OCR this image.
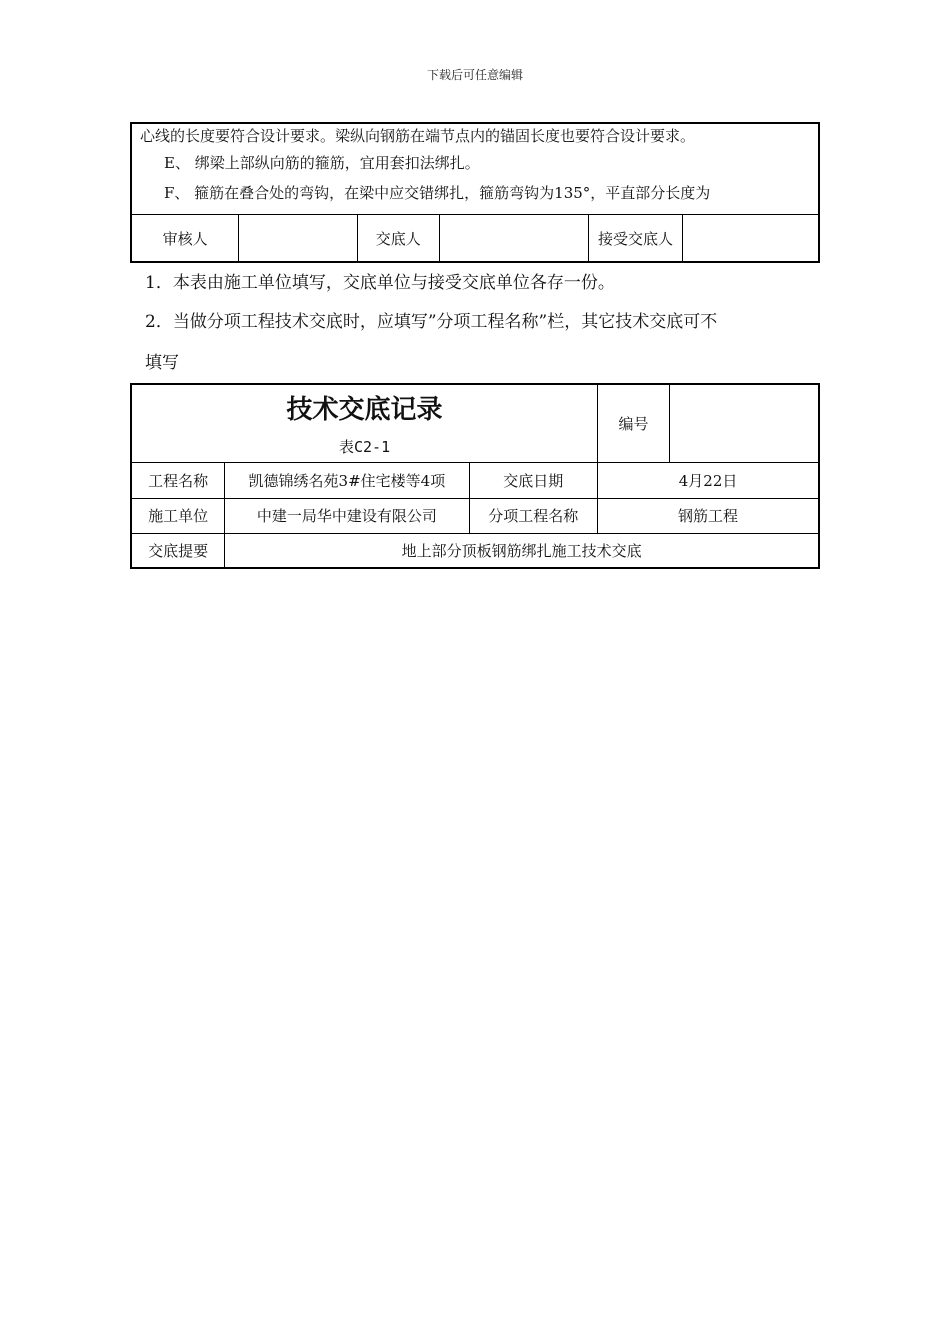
下载后可任意编辑
心线的长度要符合设计要求。梁纵向钢筋在端节点内的锚固长度也要符合设计要求。
E、 绑梁上部纵向筋的箍筋，宜用套扣法绑扎。
F、 箍筋在叠合处的弯钩，在梁中应交错绑扎，箍筋弯钩为135°，平直部分长度为

审核人		交底人		接受交底人	
1．本表由施工单位填写，交底单位与接受交底单位各存一份。
2．当做分项工程技术交底时，应填写”分项工程名称”栏，其它技术交底可不
填写
技术交底记录
表C2-1			编号	
工程名称	凯德锦绣名苑3#住宅楼等4项	交底日期	4月22日	
施工单位	中建一局华中建设有限公司	分项工程名称	钢筋工程	
交底提要	地上部分顶板钢筋绑扎施工技术交底			
